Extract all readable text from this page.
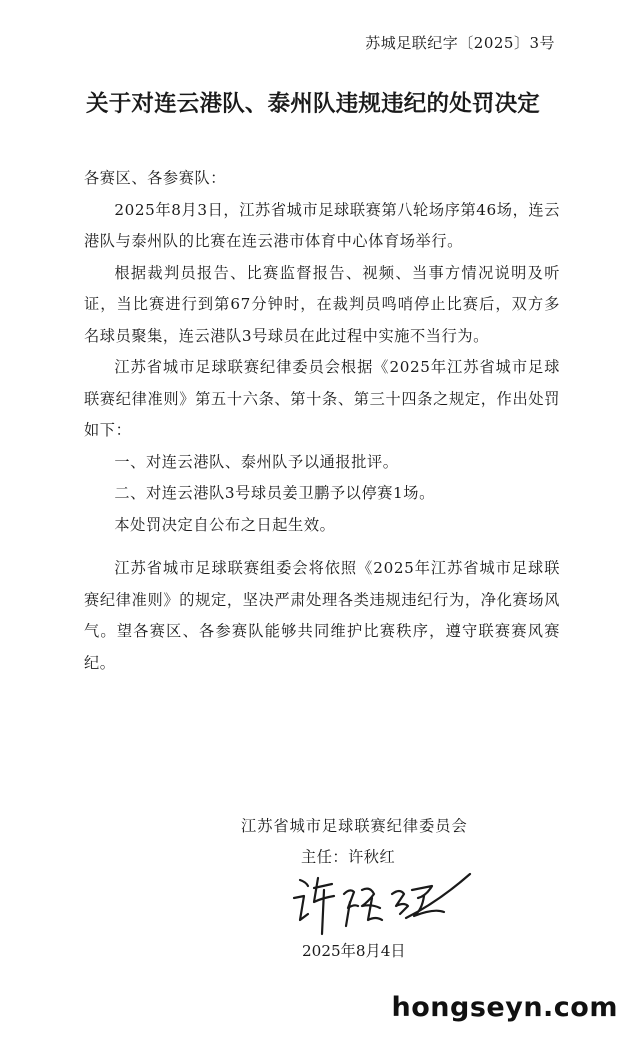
苏城足联纪字〔2025〕3号
关于对连云港队、泰州队违规违纪的处罚决定

各赛区、各参赛队：

2025年8月3日，江苏省城市足球联赛第八轮场序第46场，连云港队与泰州队的比赛在连云港市体育中心体育场举行。

根据裁判员报告、比赛监督报告、视频、当事方情况说明及听证，当比赛进行到第67分钟时，在裁判员鸣哨停止比赛后，双方多名球员聚集，连云港队3号球员在此过程中实施不当行为。

江苏省城市足球联赛纪律委员会根据《2025年江苏省城市足球联赛纪律准则》第五十六条、第十条、第三十四条之规定，作出处罚如下：

一、对连云港队、泰州队予以通报批评。

二、对连云港队3号球员姜卫鹏予以停赛1场。

本处罚决定自公布之日起生效。

江苏省城市足球联赛组委会将依照《2025年江苏省城市足球联赛纪律准则》的规定，坚决严肃处理各类违规违纪行为，净化赛场风气。望各赛区、各参赛队能够共同维护比赛秩序，遵守联赛赛风赛纪。

江苏省城市足球联赛纪律委员会
主任：许秋红
2025年8月4日
hongseyn.com
